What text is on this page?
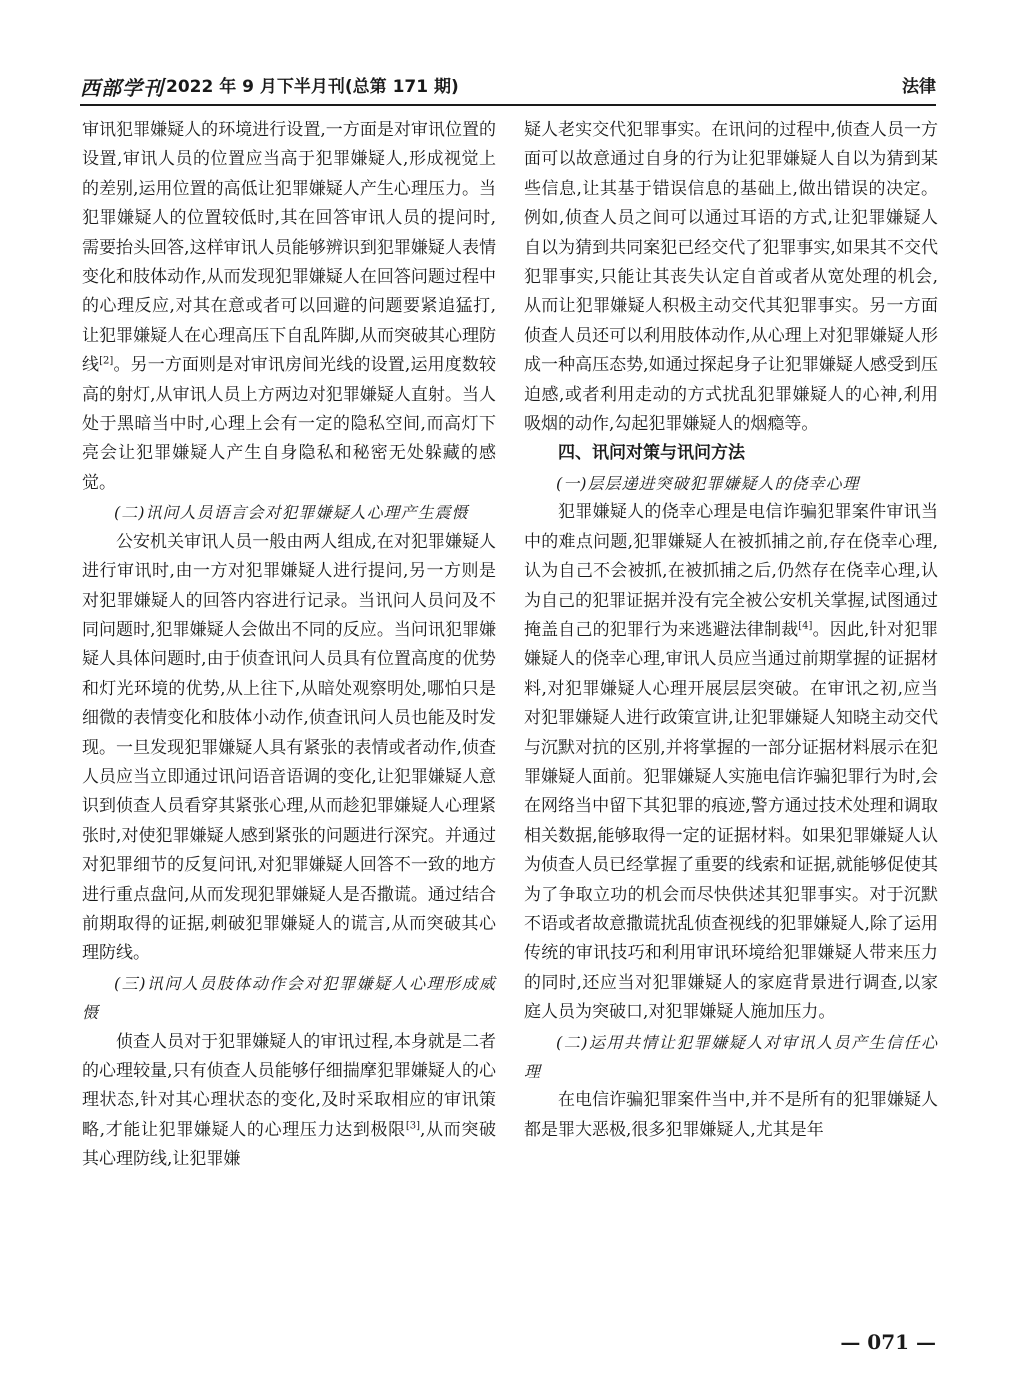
西部学刊 2022 年 9 月下半月刊(总第 171 期)	法律

审讯犯罪嫌疑人的环境进行设置,一方面是对审讯位置的设置,审讯人员的位置应当高于犯罪嫌疑人,形成视觉上的差别,运用位置的高低让犯罪嫌疑人产生心理压力。当犯罪嫌疑人的位置较低时,其在回答审讯人员的提问时,需要抬头回答,这样审讯人员能够辨识到犯罪嫌疑人表情变化和肢体动作,从而发现犯罪嫌疑人在回答问题过程中的心理反应,对其在意或者可以回避的问题要紧追猛打,让犯罪嫌疑人在心理高压下自乱阵脚,从而突破其心理防线[2]。另一方面则是对审讯房间光线的设置,运用度数较高的射灯,从审讯人员上方两边对犯罪嫌疑人直射。当人处于黑暗当中时,心理上会有一定的隐私空间,而高灯下亮会让犯罪嫌疑人产生自身隐私和秘密无处躲藏的感觉。

(二)讯问人员语言会对犯罪嫌疑人心理产生震慑

公安机关审讯人员一般由两人组成,在对犯罪嫌疑人进行审讯时,由一方对犯罪嫌疑人进行提问,另一方则是对犯罪嫌疑人的回答内容进行记录。当讯问人员问及不同问题时,犯罪嫌疑人会做出不同的反应。当问讯犯罪嫌疑人具体问题时,由于侦查讯问人员具有位置高度的优势和灯光环境的优势,从上往下,从暗处观察明处,哪怕只是细微的表情变化和肢体小动作,侦查讯问人员也能及时发现。一旦发现犯罪嫌疑人具有紧张的表情或者动作,侦查人员应当立即通过讯问语音语调的变化,让犯罪嫌疑人意识到侦查人员看穿其紧张心理,从而趁犯罪嫌疑人心理紧张时,对使犯罪嫌疑人感到紧张的问题进行深究。并通过对犯罪细节的反复问讯,对犯罪嫌疑人回答不一致的地方进行重点盘问,从而发现犯罪嫌疑人是否撒谎。通过结合前期取得的证据,刺破犯罪嫌疑人的谎言,从而突破其心理防线。

(三)讯问人员肢体动作会对犯罪嫌疑人心理形成威慑

侦查人员对于犯罪嫌疑人的审讯过程,本身就是二者的心理较量,只有侦查人员能够仔细揣摩犯罪嫌疑人的心理状态,针对其心理状态的变化,及时采取相应的审讯策略,才能让犯罪嫌疑人的心理压力达到极限[3],从而突破其心理防线,让犯罪嫌

疑人老实交代犯罪事实。在讯问的过程中,侦查人员一方面可以故意通过自身的行为让犯罪嫌疑人自以为猜到某些信息,让其基于错误信息的基础上,做出错误的决定。例如,侦查人员之间可以通过耳语的方式,让犯罪嫌疑人自以为猜到共同案犯已经交代了犯罪事实,如果其不交代犯罪事实,只能让其丧失认定自首或者从宽处理的机会,从而让犯罪嫌疑人积极主动交代其犯罪事实。另一方面侦查人员还可以利用肢体动作,从心理上对犯罪嫌疑人形成一种高压态势,如通过探起身子让犯罪嫌疑人感受到压迫感,或者利用走动的方式扰乱犯罪嫌疑人的心神,利用吸烟的动作,勾起犯罪嫌疑人的烟瘾等。

四、讯问对策与讯问方法
(一)层层递进突破犯罪嫌疑人的侥幸心理

犯罪嫌疑人的侥幸心理是电信诈骗犯罪案件审讯当中的难点问题,犯罪嫌疑人在被抓捕之前,存在侥幸心理,认为自己不会被抓,在被抓捕之后,仍然存在侥幸心理,认为自己的犯罪证据并没有完全被公安机关掌握,试图通过掩盖自己的犯罪行为来逃避法律制裁[4]。因此,针对犯罪嫌疑人的侥幸心理,审讯人员应当通过前期掌握的证据材料,对犯罪嫌疑人心理开展层层突破。在审讯之初,应当对犯罪嫌疑人进行政策宣讲,让犯罪嫌疑人知晓主动交代与沉默对抗的区别,并将掌握的一部分证据材料展示在犯罪嫌疑人面前。犯罪嫌疑人实施电信诈骗犯罪行为时,会在网络当中留下其犯罪的痕迹,警方通过技术处理和调取相关数据,能够取得一定的证据材料。如果犯罪嫌疑人认为侦查人员已经掌握了重要的线索和证据,就能够促使其为了争取立功的机会而尽快供述其犯罪事实。对于沉默不语或者故意撒谎扰乱侦查视线的犯罪嫌疑人,除了运用传统的审讯技巧和利用审讯环境给犯罪嫌疑人带来压力的同时,还应当对犯罪嫌疑人的家庭背景进行调查,以家庭人员为突破口,对犯罪嫌疑人施加压力。

(二)运用共情让犯罪嫌疑人对审讯人员产生信任心理

在电信诈骗犯罪案件当中,并不是所有的犯罪嫌疑人都是罪大恶极,很多犯罪嫌疑人,尤其是年

— 071 —
